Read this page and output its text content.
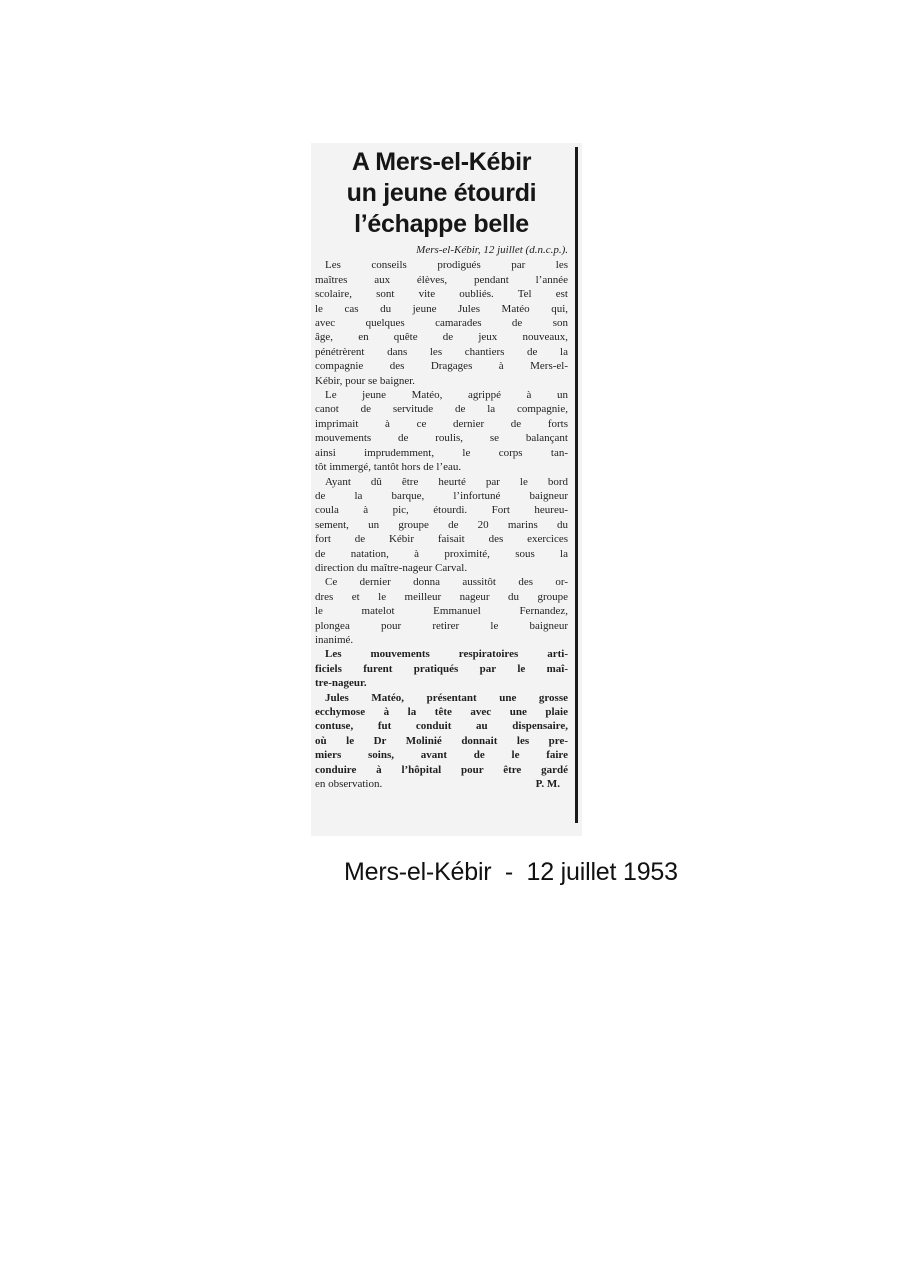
A Mers-el-Kébir
un jeune étourdi
l’échappe belle
Mers-el-Kébir, 12 juillet (d.n.c.p.).
Les conseils prodigués par les
maîtres aux élèves, pendant l’année
scolaire, sont vite oubliés. Tel est
le cas du jeune Jules Matéo qui,
avec quelques camarades de son
âge, en quête de jeux nouveaux,
pénétrèrent dans les chantiers de la
compagnie des Dragages à Mers-el-
Kébir, pour se baigner.
Le jeune Matéo, agrippé à un
canot de servitude de la compagnie,
imprimait à ce dernier de forts
mouvements de roulis, se balançant
ainsi imprudemment, le corps tan-
tôt immergé, tantôt hors de l’eau.
Ayant dû être heurté par le bord
de la barque, l’infortuné baigneur
coula à pic, étourdi. Fort heureu-
sement, un groupe de 20 marins du
fort de Kébir faisait des exercices
de natation, à proximité, sous la
direction du maître-nageur Carval.
Ce dernier donna aussitôt des or-
dres et le meilleur nageur du groupe
le matelot Emmanuel Fernandez,
plongea pour retirer le baigneur
inanimé.
Les mouvements respiratoires arti-
ficiels furent pratiqués par le maî-
tre-nageur.
Jules Matéo, présentant une grosse
ecchymose à la tête avec une plaie
contuse, fut conduit au dispensaire,
où le Dr Molinié donnait les pre-
miers soins, avant de le faire
conduire à l’hôpital pour être gardé
en observation.	P. M.
Mers-el-Kébir  -  12 juillet 1953
